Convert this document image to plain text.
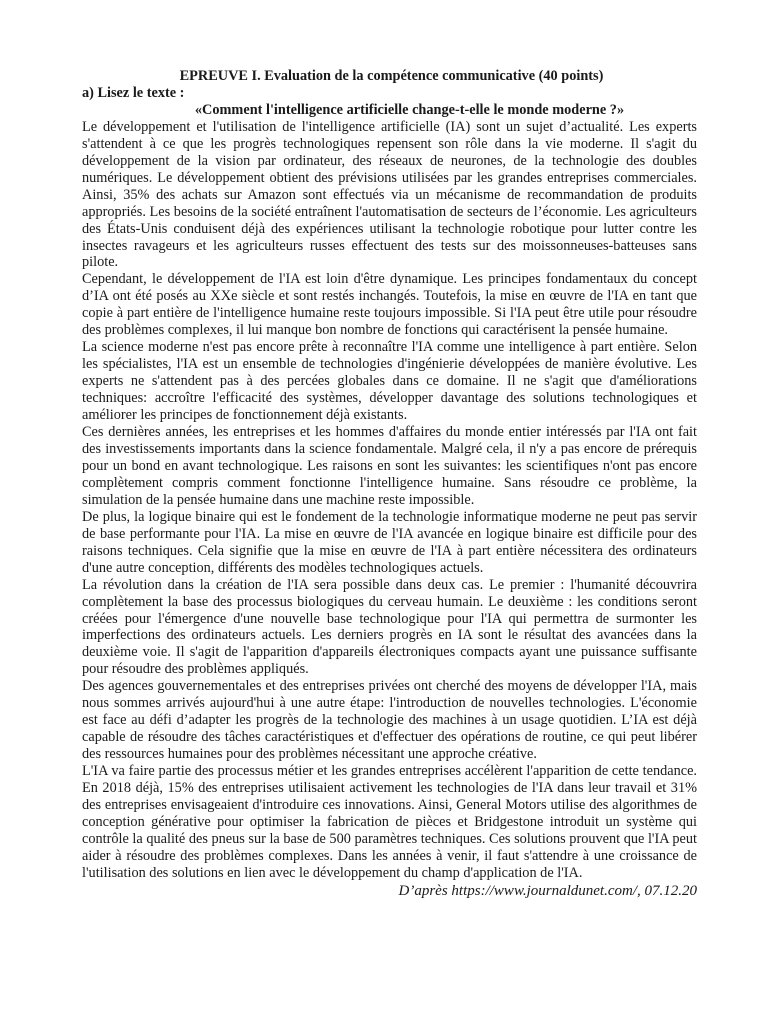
EPREUVE I. Evaluation de la compétence communicative (40 points)

a) Lisez le texte :

«Comment l'intelligence artificielle change-t-elle le monde moderne ?»

Le développement et l'utilisation de l'intelligence artificielle (IA) sont un sujet d’actualité. Les experts s'attendent à ce que les progrès technologiques repensent son rôle dans la vie moderne. Il s'agit du développement de la vision par ordinateur, des réseaux de neurones, de la technologie des doubles numériques. Le développement obtient des prévisions utilisées par les grandes entreprises commerciales. Ainsi, 35% des achats sur Amazon sont effectués via un mécanisme de recommandation de produits appropriés. Les besoins de la société entraînent l'automatisation de secteurs de l’économie. Les agriculteurs des États-Unis conduisent déjà des expériences utilisant la technologie robotique pour lutter contre les insectes ravageurs et les agriculteurs russes effectuent des tests sur des moissonneuses-batteuses sans pilote.

Cependant, le développement de l'IA est loin d'être dynamique. Les principes fondamentaux du concept d’IA ont été posés au XXe siècle et sont restés inchangés. Toutefois, la mise en œuvre de l'IA en tant que copie à part entière de l'intelligence humaine reste toujours impossible. Si l'IA peut être utile pour résoudre des problèmes complexes, il lui manque bon nombre de fonctions qui caractérisent la pensée humaine.

La science moderne n'est pas encore prête à reconnaître l'IA comme une intelligence à part entière. Selon les spécialistes, l'IA est un ensemble de technologies d'ingénierie développées de manière évolutive. Les experts ne s'attendent pas à des percées globales dans ce domaine. Il ne s'agit que d'améliorations techniques: accroître l'efficacité des systèmes, développer davantage des solutions technologiques et améliorer les principes de fonctionnement déjà existants.

Ces dernières années, les entreprises et les hommes d'affaires du monde entier intéressés par l'IA ont fait des investissements importants dans la science fondamentale. Malgré cela, il n'y a pas encore de prérequis pour un bond en avant technologique. Les raisons en sont les suivantes: les scientifiques n'ont pas encore complètement compris comment fonctionne l'intelligence humaine. Sans résoudre ce problème, la simulation de la pensée humaine dans une machine reste impossible.

De plus, la logique binaire qui est le fondement de la technologie informatique moderne ne peut pas servir de base performante pour l'IA. La mise en œuvre de l'IA avancée en logique binaire est difficile pour des raisons techniques. Cela signifie que la mise en œuvre de l'IA à part entière nécessitera des ordinateurs d'une autre conception, différents des modèles technologiques actuels.

La révolution dans la création de l'IA sera possible dans deux cas. Le premier : l'humanité découvrira complètement la base des processus biologiques du cerveau humain. Le deuxième : les conditions seront créées pour l'émergence d'une nouvelle base technologique pour l'IA qui permettra de surmonter les imperfections des ordinateurs actuels. Les derniers progrès en IA sont le résultat des avancées dans la deuxième voie. Il s'agit de l'apparition d'appareils électroniques compacts ayant une puissance suffisante pour résoudre des problèmes appliqués.

Des agences gouvernementales et des entreprises privées ont cherché des moyens de développer l'IA, mais nous sommes arrivés aujourd'hui à une autre étape: l'introduction de nouvelles technologies. L'économie est face au défi d’adapter les progrès de la technologie des machines à un usage quotidien. L’IA est déjà capable de résoudre des tâches caractéristiques et d'effectuer des opérations de routine, ce qui peut libérer des ressources humaines pour des problèmes nécessitant une approche créative.

L'IA va faire partie des processus métier et les grandes entreprises accélèrent l'apparition de cette tendance. En 2018 déjà, 15% des entreprises utilisaient activement les technologies de l'IA dans leur travail et 31% des entreprises envisageaient d'introduire ces innovations. Ainsi, General Motors utilise des algorithmes de conception générative pour optimiser la fabrication de pièces et Bridgestone introduit un système qui contrôle la qualité des pneus sur la base de 500 paramètres techniques. Ces solutions prouvent que l'IA peut aider à résoudre des problèmes complexes. Dans les années à venir, il faut s'attendre à une croissance de l'utilisation des solutions en lien avec le développement du champ d'application de l'IA.

D’après https://www.journaldunet.com/, 07.12.20
